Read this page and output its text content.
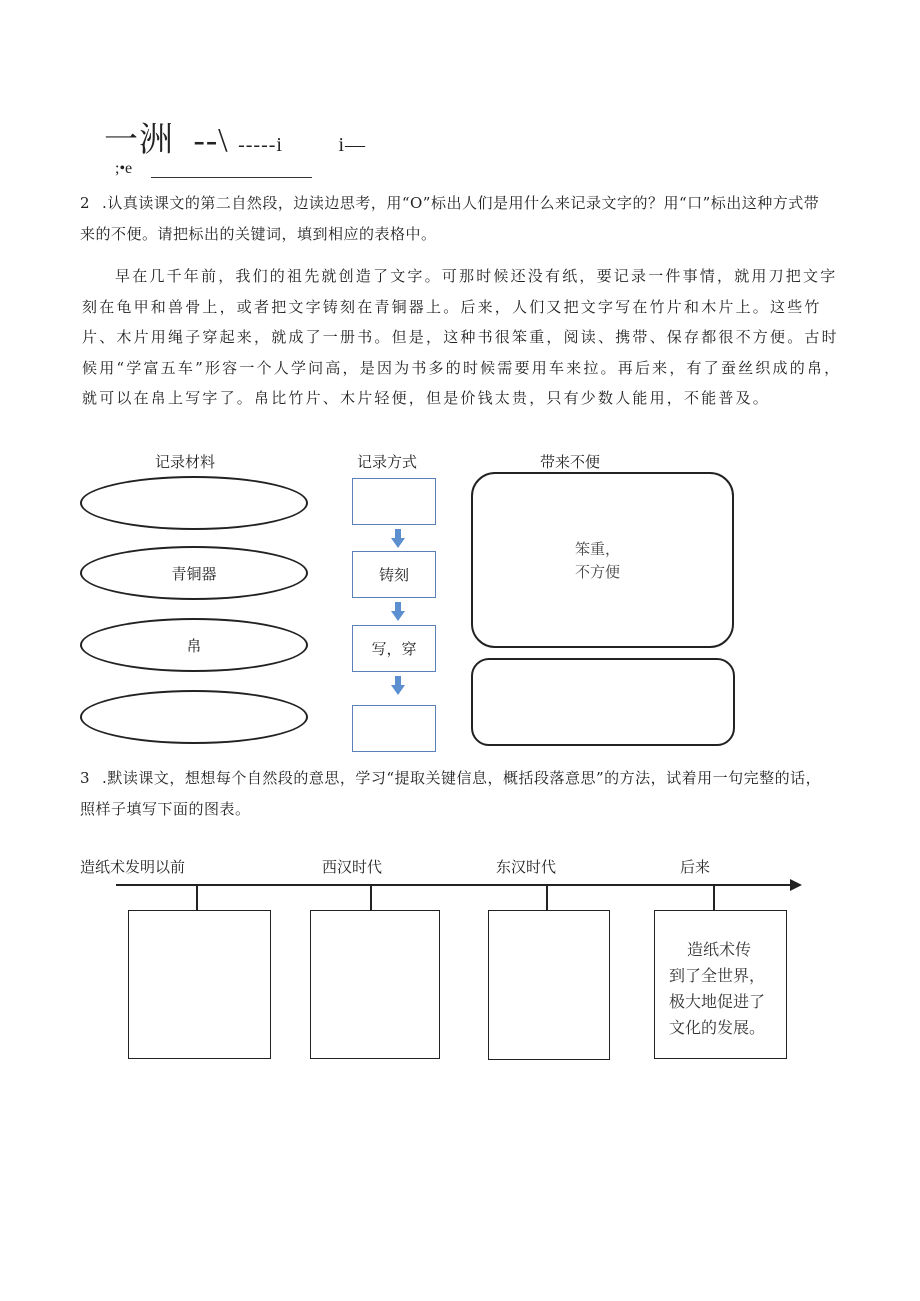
一洲 --\ -----i	i—
;•e
2 .认真读课文的第二自然段，边读边思考，用“O”标出人们是用什么来记录文字的？用“口”标出这种方式带
来的不便。请把标出的关键词，填到相应的表格中。
早在几千年前，我们的祖先就创造了文字。可那时候还没有纸，要记录一件事情，就用刀把文字刻在龟甲和兽骨上，或者把文字铸刻在青铜器上。后来，人们又把文字写在竹片和木片上。这些竹片、木片用绳子穿起来，就成了一册书。但是，这种书很笨重，阅读、携带、保存都很不方便。古时候用“学富五车”形容一个人学问高，是因为书多的时候需要用车来拉。再后来，有了蚕丝织成的帛，就可以在帛上写字了。帛比竹片、木片轻便，但是价钱太贵，只有少数人能用，不能普及。
记录材料	记录方式	带来不便
青铜器
帛
铸刻
写，穿
笨重，
不方便
3 .默读课文，想想每个自然段的意思，学习“提取关键信息，概括段落意思”的方法，试着用一句完整的话，
照样子填写下面的图表。
造纸术发明以前	西汉时代	东汉时代	后来
造纸术传
到了全世界，
极大地促进了
文化的发展。
